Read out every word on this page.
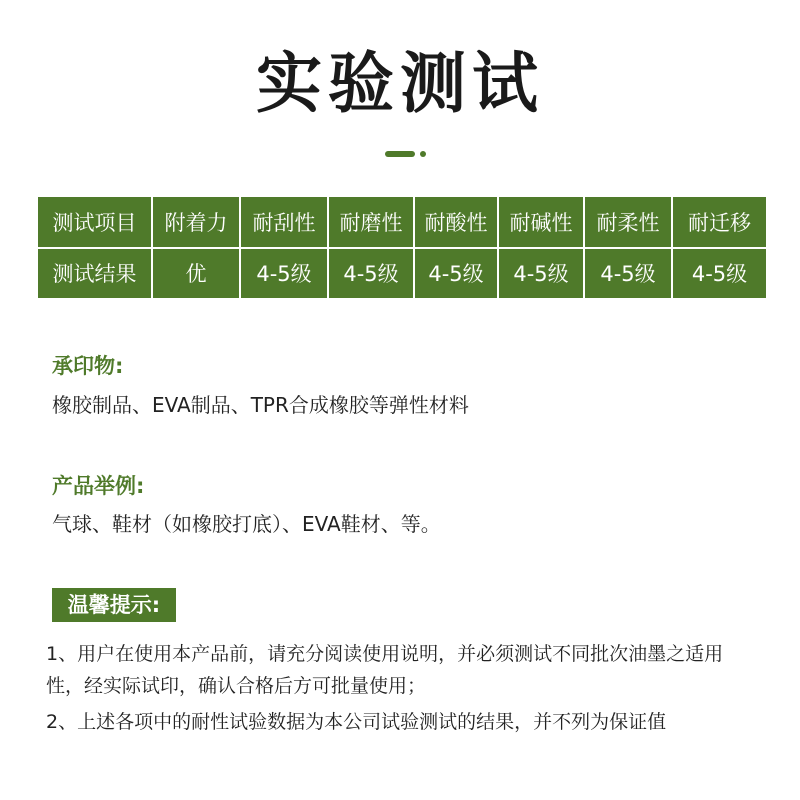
实验测试
测试项目	附着力	耐刮性	耐磨性	耐酸性	耐碱性	耐柔性	耐迁移
测试结果	优	4-5级	4-5级	4-5级	4-5级	4-5级	4-5级
承印物:
橡胶制品、EVA制品、TPR合成橡胶等弹性材料
产品举例:
气球、鞋材（如橡胶打底）、EVA鞋材、等。
温馨提示:
1、用户在使用本产品前，请充分阅读使用说明，并必须测试不同批次油墨之适用性，经实际试印，确认合格后方可批量使用；
2、上述各项中的耐性试验数据为本公司试验测试的结果，并不列为保证值
